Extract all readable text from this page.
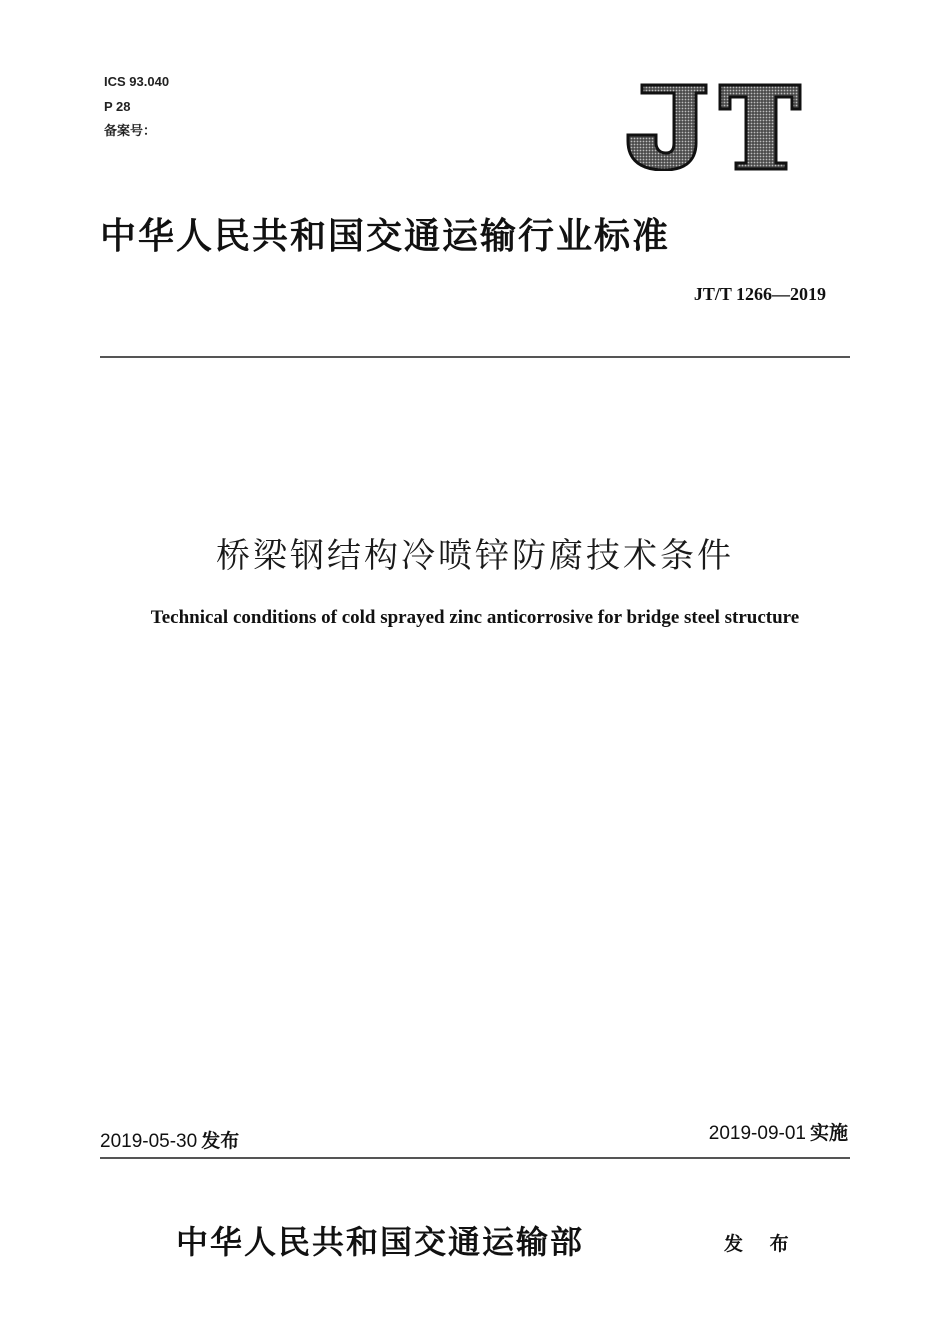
ICS 93.040
P 28
备案号：
JT
中华人民共和国交通运输行业标准
JT/T 1266—2019
桥梁钢结构冷喷锌防腐技术条件
Technical conditions of cold sprayed zinc anticorrosive for bridge steel structure
2019-05-30 发布	2019-09-01 实施
中华人民共和国交通运输部	发 布
